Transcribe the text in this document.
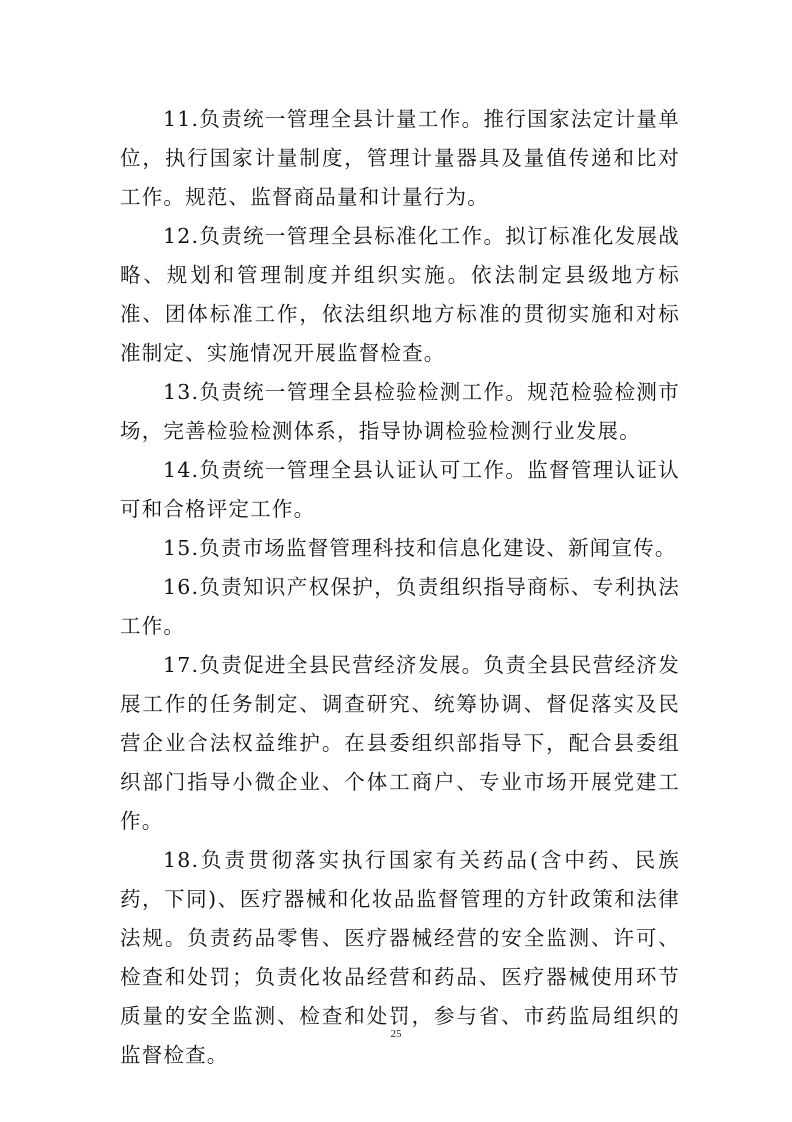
11.负责统一管理全县计量工作。推行国家法定计量单位，执行国家计量制度，管理计量器具及量值传递和比对工作。规范、监督商品量和计量行为。

12.负责统一管理全县标准化工作。拟订标准化发展战略、规划和管理制度并组织实施。依法制定县级地方标准、团体标准工作，依法组织地方标准的贯彻实施和对标准制定、实施情况开展监督检查。

13.负责统一管理全县检验检测工作。规范检验检测市场，完善检验检测体系，指导协调检验检测行业发展。

14.负责统一管理全县认证认可工作。监督管理认证认可和合格评定工作。

15.负责市场监督管理科技和信息化建设、新闻宣传。

16.负责知识产权保护，负责组织指导商标、专利执法工作。

17.负责促进全县民营经济发展。负责全县民营经济发展工作的任务制定、调查研究、统筹协调、督促落实及民营企业合法权益维护。在县委组织部指导下，配合县委组织部门指导小微企业、个体工商户、专业市场开展党建工作。

18.负责贯彻落实执行国家有关药品(含中药、民族药，下同)、医疗器械和化妆品监督管理的方针政策和法律法规。负责药品零售、医疗器械经营的安全监测、许可、检查和处罚；负责化妆品经营和药品、医疗器械使用环节质量的安全监测、检查和处罚，参与省、市药监局组织的监督检查。

25
